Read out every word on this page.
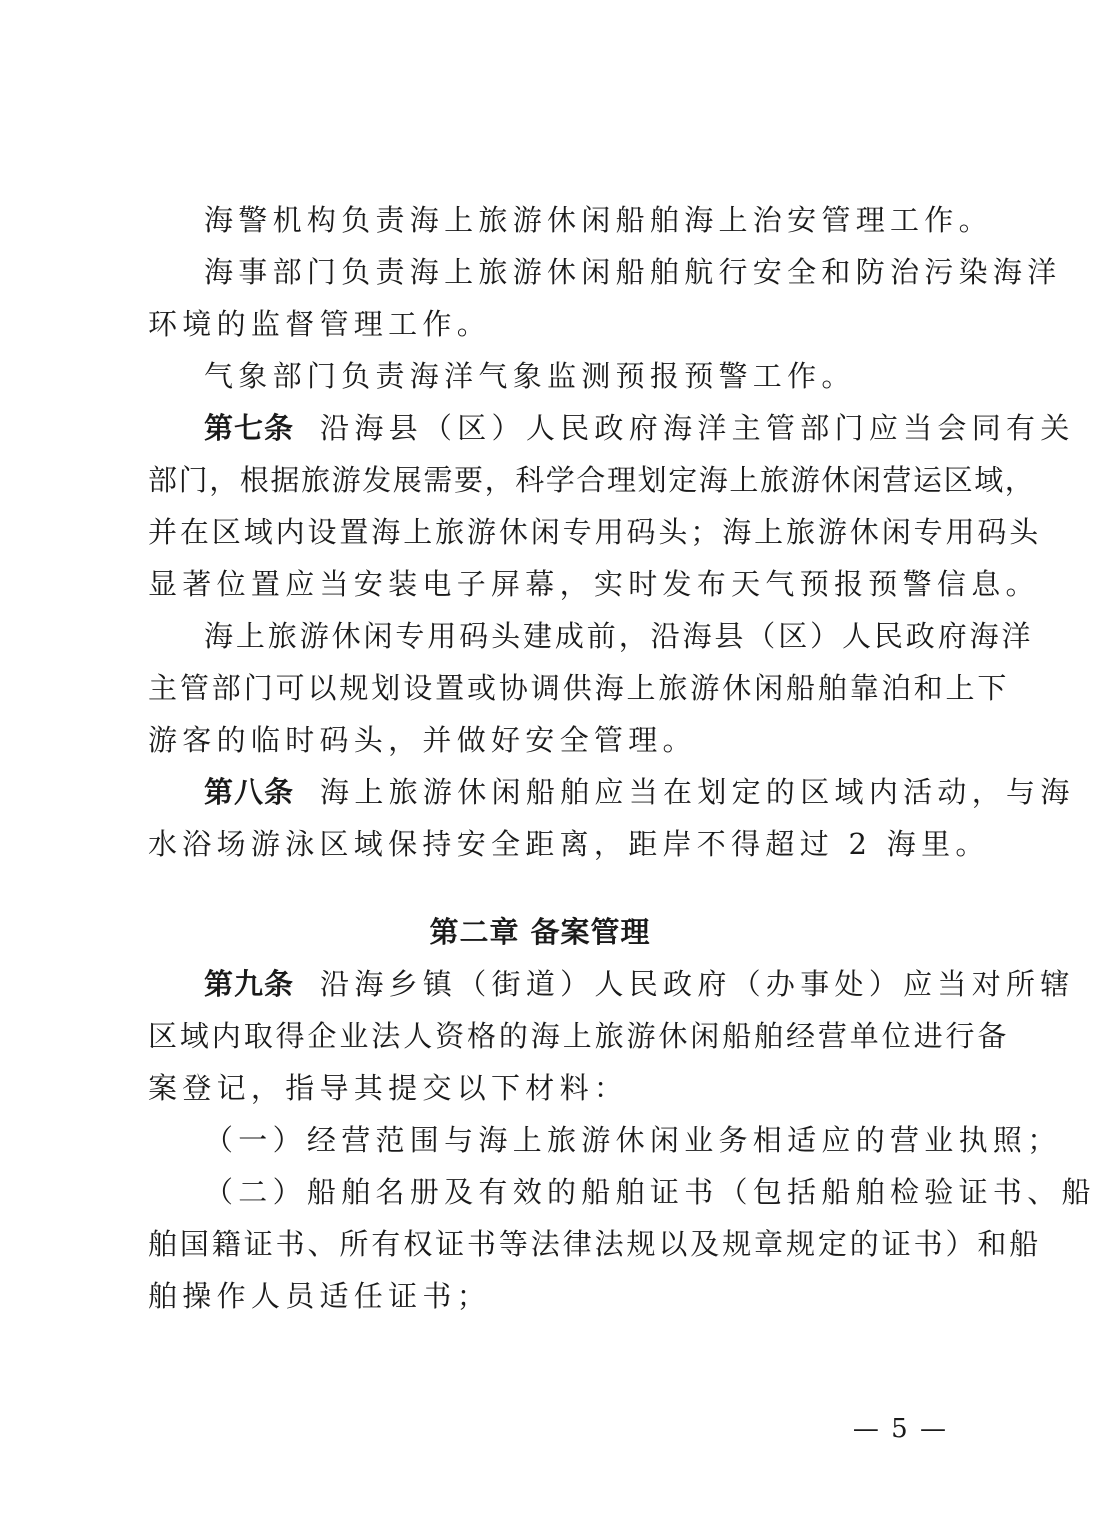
海警机构负责海上旅游休闲船舶海上治安管理工作。
海事部门负责海上旅游休闲船舶航行安全和防治污染海洋
环境的监督管理工作。
气象部门负责海洋气象监测预报预警工作。
第七条 沿海县（区）人民政府海洋主管部门应当会同有关
部门，根据旅游发展需要，科学合理划定海上旅游休闲营运区域，
并在区域内设置海上旅游休闲专用码头；海上旅游休闲专用码头
显著位置应当安装电子屏幕，实时发布天气预报预警信息。
海上旅游休闲专用码头建成前，沿海县（区）人民政府海洋
主管部门可以规划设置或协调供海上旅游休闲船舶靠泊和上下
游客的临时码头，并做好安全管理。
第八条 海上旅游休闲船舶应当在划定的区域内活动，与海
水浴场游泳区域保持安全距离，距岸不得超过 2 海里。
第二章 备案管理
第九条 沿海乡镇（街道）人民政府（办事处）应当对所辖
区域内取得企业法人资格的海上旅游休闲船舶经营单位进行备
案登记，指导其提交以下材料：
（一）经营范围与海上旅游休闲业务相适应的营业执照；
（二）船舶名册及有效的船舶证书（包括船舶检验证书、船
舶国籍证书、所有权证书等法律法规以及规章规定的证书）和船
舶操作人员适任证书；
— 5 —
